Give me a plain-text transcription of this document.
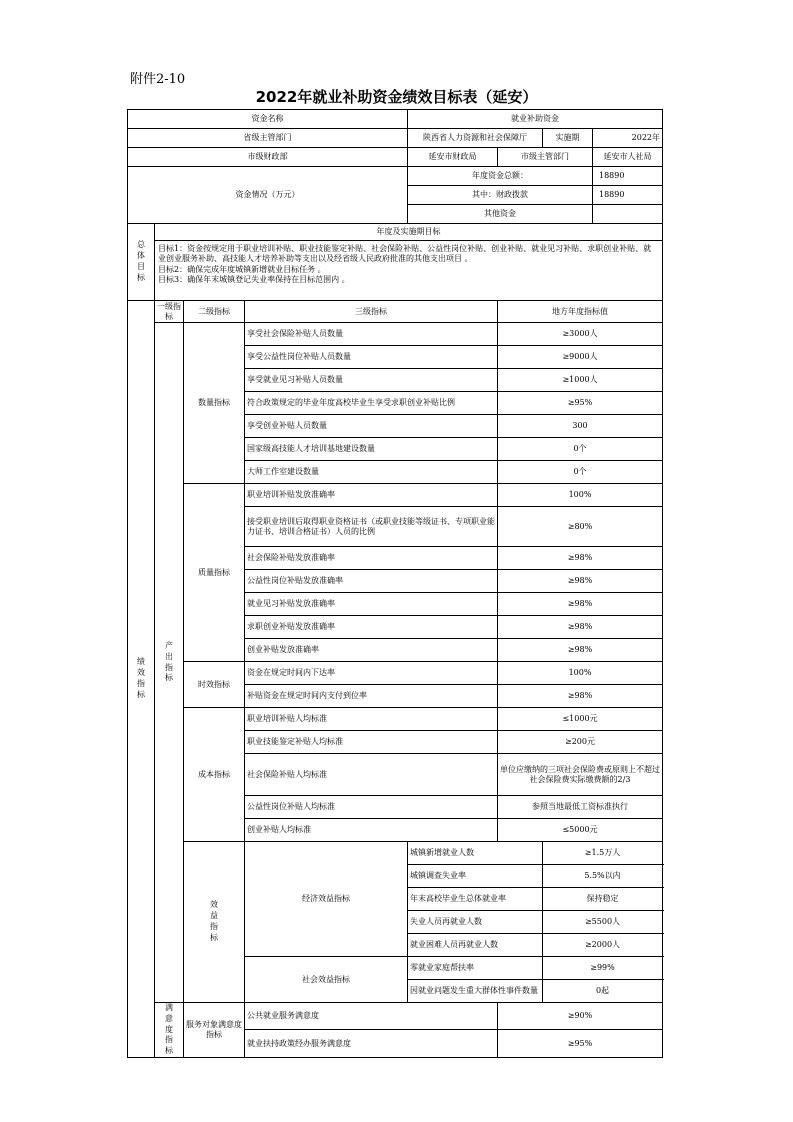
附件2-10
2022年就业补助资金绩效目标表（延安）
资金名称				就业补助资金			
省级主管部门				陕西省人力资源和社会保障厅		实施期	2022年
市级财政部				延安市财政局	市级主管部门		延安市人社局
资金情况（万元）				年度资金总额：			18890
				其中：财政拨款			18890
				其他资金			
总体目标	年度及实施期目标						
	目标1：资金按规定用于职业培训补贴、职业技能鉴定补贴、社会保险补贴、公益性岗位补贴、创业补贴、就业见习补贴、求职创业补贴、就业创业服务补助、高技能人才培养补助等支出以及经省级人民政府批准的其他支出项目 。
目标2：确保完成年度城镇新增就业目标任务 。
目标3：确保年末城镇登记失业率保持在目标范围内 。						
绩效指标	一级指标	二级指标	三级指标		地方年度指标值		
	产出指标	数量指标	享受社会保险补贴人员数量		≥3000人		
			享受公益性岗位补贴人员数量		≥9000人		
			享受就业见习补贴人员数量		≥1000人		
			符合政策规定的毕业年度高校毕业生享受求职创业补贴比例		≥95%		
			享受创业补贴人员数量		300		
			国家级高技能人才培训基地建设数量		0个		
			大师工作室建设数量		0个		
		质量指标	职业培训补贴发放准确率		100%		
			接受职业培训后取得职业资格证书（或职业技能等级证书、专项职业能力证书、培训合格证书）人员的比例		≥80%		
			社会保险补贴发放准确率		≥98%		
			公益性岗位补贴发放准确率		≥98%		
			就业见习补贴发放准确率		≥98%		
			求职创业补贴发放准确率		≥98%		
			创业补贴发放准确率		≥98%		
		时效指标	资金在规定时间内下达率		100%		
			补贴资金在规定时间内支付到位率		≥98%		
		成本指标	职业培训补贴人均标准		≤1000元		
			职业技能鉴定补贴人均标准		≥200元		
			社会保险补贴人均标准		单位应缴纳的三项社会保险费或原则上不超过社会保险费实际缴费额的2/3		
			公益性岗位补贴人均标准		参照当地最低工资标准执行		
			创业补贴人均标准		≤5000元		
		效益指标	经济效益指标	城镇新增就业人数		≥1.5万人	
				城镇调查失业率		5.5%以内	
				年末高校毕业生总体就业率		保持稳定	
				失业人员再就业人数		≥5500人	
				就业困难人员再就业人数		≥2000人	
			社会效益指标	零就业家庭帮扶率		≥99%	
				因就业问题发生重大群体性事件数量		0起	
	满意度指标	服务对象满意度指标	公共就业服务满意度		≥90%		
			就业扶持政策经办服务满意度		≥95%		
